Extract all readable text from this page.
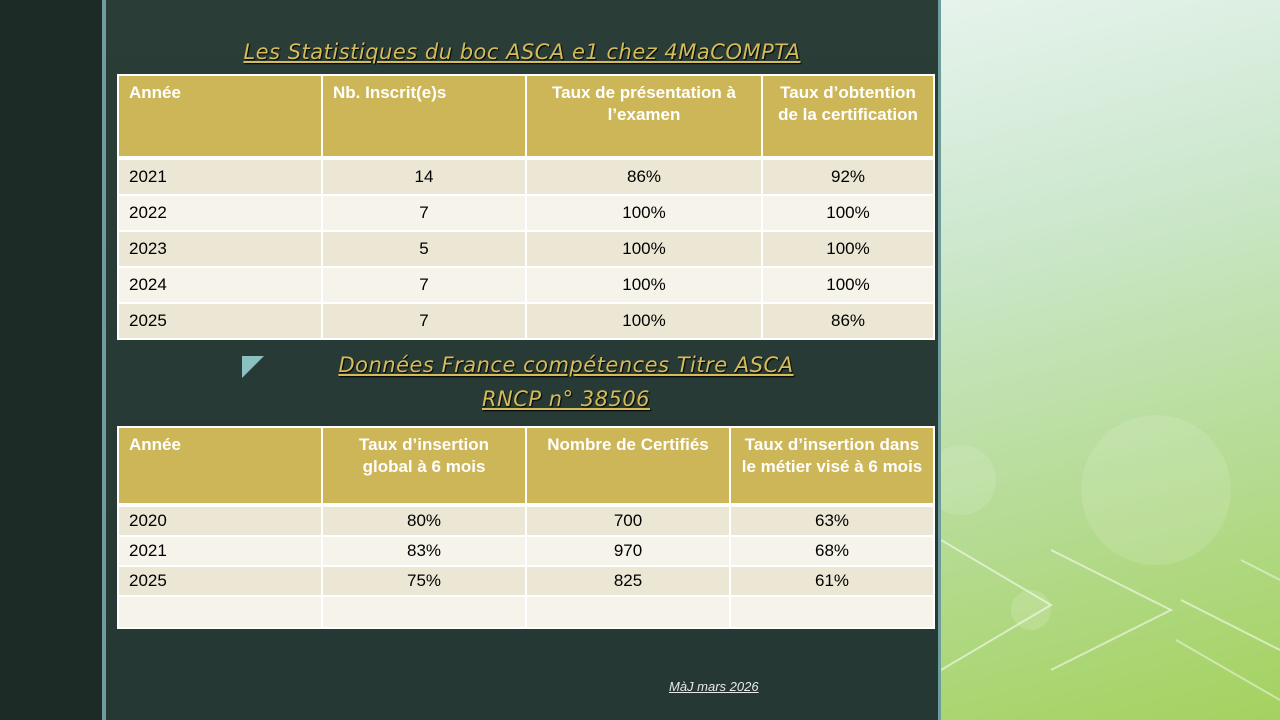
Les Statistiques du boc ASCA e1 chez 4MaCOMPTA

Année	Nb. Inscrit(e)s	Taux de présentation à l’examen	Taux d’obtention de la certification
2021	14	86%	92%
2022	7	100%	100%
2023	5	100%	100%
2024	7	100%	100%
2025	7	100%	86%

Données France compétences Titre ASCA

RNCP n° 38506

Année	Taux d’insertion global à 6 mois	Nombre de Certifiés	Taux d’insertion dans le métier visé à 6 mois
2020	80%	700	63%
2021	83%	970	68%
2025	75%	825	61%

MàJ mars 2026
